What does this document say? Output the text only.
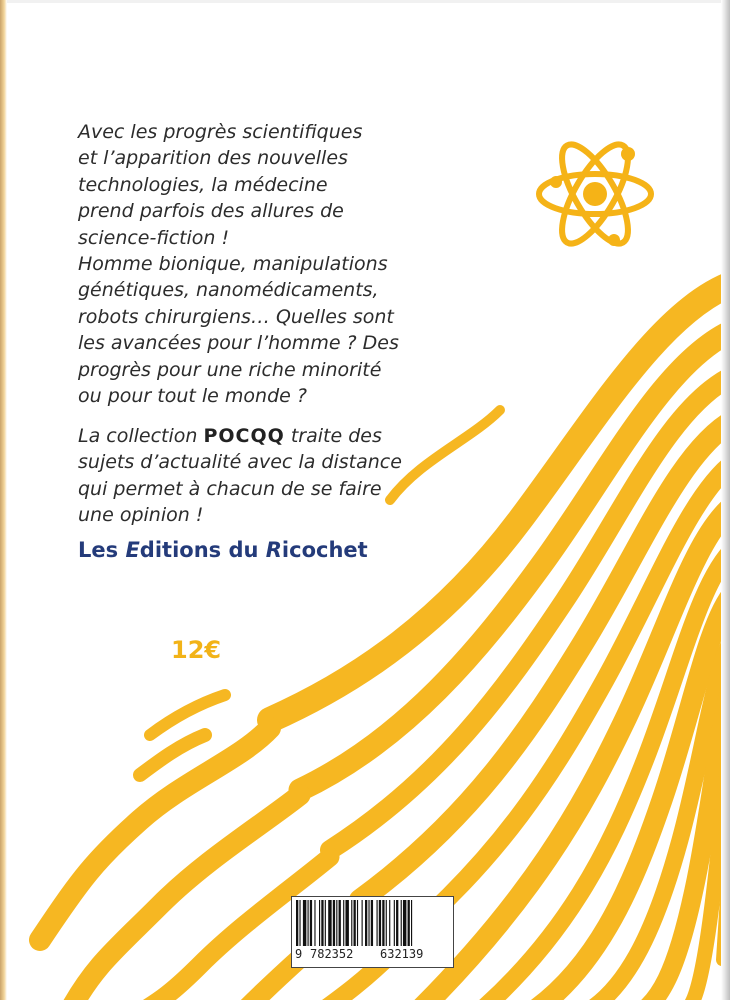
Avec les progrès scientifiques

et l’apparition des nouvelles

technologies, la médecine

prend parfois des allures de

science-fiction !

Homme bionique, manipulations

génétiques, nanomédicaments,

robots chirurgiens… Quelles sont

les avancées pour l’homme ? Des

progrès pour une riche minorité

ou pour tout le monde ?

La collection POCQQ traite des

sujets d’actualité avec la distance

qui permet à chacun de se faire

une opinion !

Les Editions du Ricochet
12€
9 782352 632139
